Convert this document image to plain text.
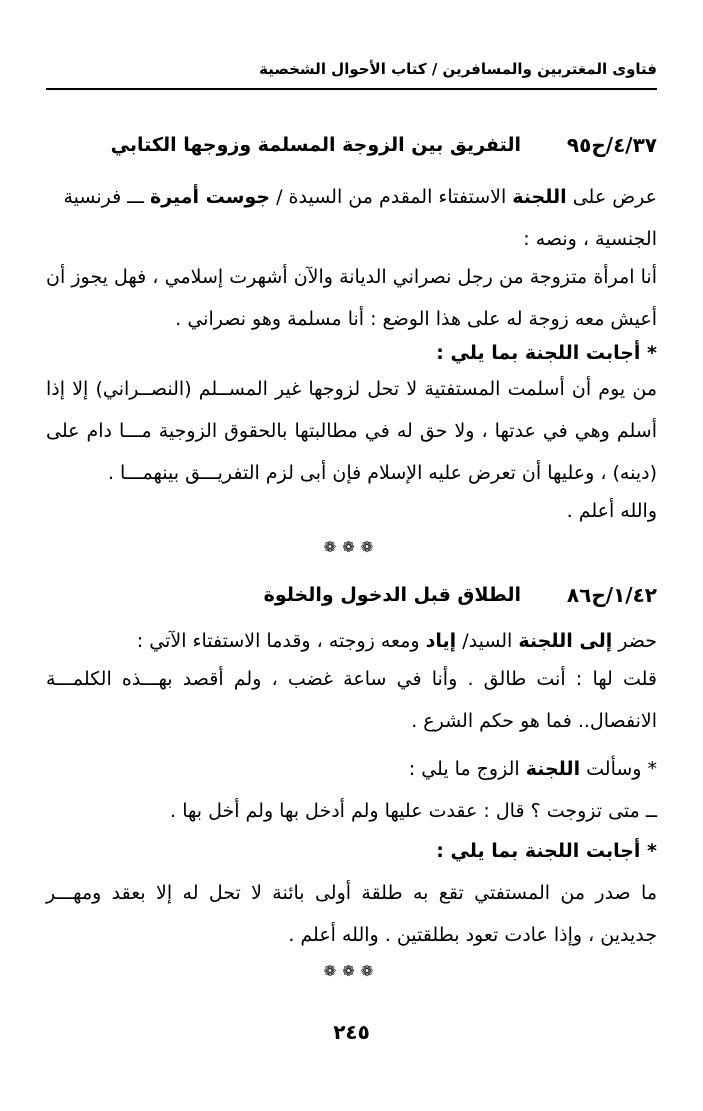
فتاوى المغتربين والمسافرين / كتاب الأحوال الشخصية
٤/٣٧/ح٩٥
التفريق بين الزوجة المسلمة وزوجها الكتابي
عرض على اللجنة الاستفتاء المقدم من السيدة / جوست أميرة ـــ فرنسية
الجنسية ، ونصه :
أنا امرأة متزوجة من رجل نصراني الديانة والآن أشهرت إسلامي ، فهل يجوز أن أعيش معه زوجة له على هذا الوضع : أنا مسلمة وهو نصراني .
* أجابت اللجنة بما يلي :
من يوم أن أسلمت المستفتية لا تحل لزوجها غير المســلم (النصــراني) إلا إذا أسلم وهي في عدتها ، ولا حق له في مطالبتها بالحقوق الزوجية مـــا دام على (دينه) ، وعليها أن تعرض عليه الإسلام فإن أبى لزم التفريـــق بينهمـــا .
والله أعلم .
❁❁❁
١/٤٢/ح٨٦
الطلاق قبل الدخول والخلوة
حضر إلى اللجنة السيد/ إياد ومعه زوجته ، وقدما الاستفتاء الآتي :
قلت لها : أنت طالق . وأنا في ساعة غضب ، ولم أقصد بهـــذه الكلمـــة الانفصال.. فما هو حكم الشرع .
* وسألت اللجنة الزوج ما يلي :
ــ متى تزوجت ؟ قال : عقدت عليها ولم أدخل بها ولم أخل بها .
* أجابت اللجنة بما يلي :
ما صدر من المستفتي تقع به طلقة أولى بائنة لا تحل له إلا بعقد ومهـــر جديدين ، وإذا عادت تعود بطلقتين . والله أعلم .
❁❁❁
٢٤٥
